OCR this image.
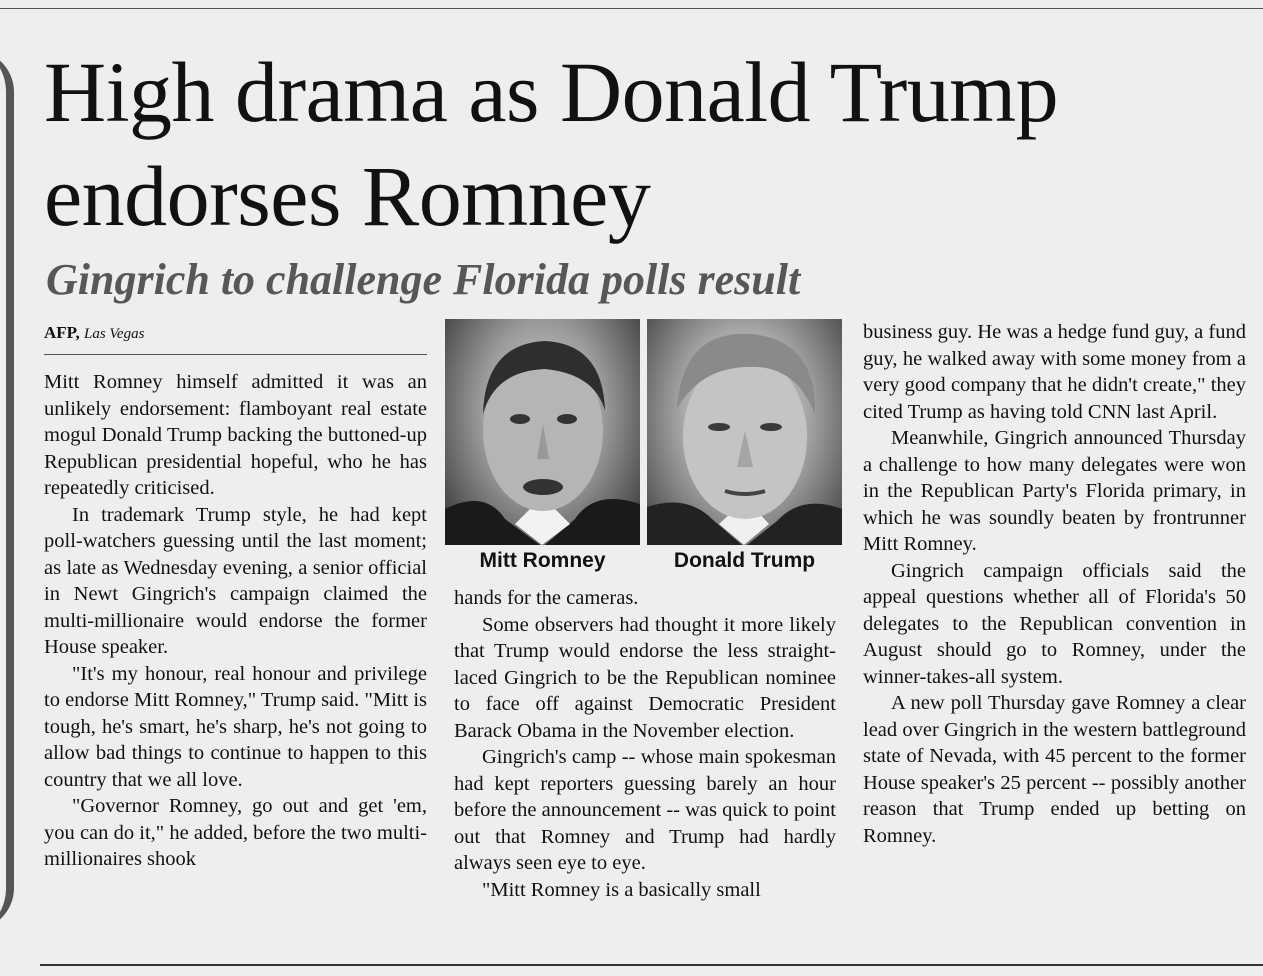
High drama as Donald Trump endorses Romney
Gingrich to challenge Florida polls result
AFP, Las Vegas

Mitt Romney himself admitted it was an unlikely endorsement: flamboyant real estate mogul Donald Trump backing the buttoned-up Republican presidential hopeful, who he has repeatedly criticised.

In trademark Trump style, he had kept poll-watchers guessing until the last moment; as late as Wednesday evening, a senior official in Newt Gingrich's campaign claimed the multi-millionaire would endorse the former House speaker.

"It's my honour, real honour and privilege to endorse Mitt Romney," Trump said. "Mitt is tough, he's smart, he's sharp, he's not going to allow bad things to continue to happen to this country that we all love.

"Governor Romney, go out and get 'em, you can do it," he added, before the two multi-millionaires shook

Mitt Romney	Donald Trump

hands for the cameras.

Some observers had thought it more likely that Trump would endorse the less straight-laced Gingrich to be the Republican nominee to face off against Democratic President Barack Obama in the November election.

Gingrich's camp -- whose main spokesman had kept reporters guessing barely an hour before the announcement -- was quick to point out that Romney and Trump had hardly always seen eye to eye.

"Mitt Romney is a basically small

business guy. He was a hedge fund guy, a fund guy, he walked away with some money from a very good company that he didn't create," they cited Trump as having told CNN last April.

Meanwhile, Gingrich announced Thursday a challenge to how many delegates were won in the Republican Party's Florida primary, in which he was soundly beaten by frontrunner Mitt Romney.

Gingrich campaign officials said the appeal questions whether all of Florida's 50 delegates to the Republican convention in August should go to Romney, under the winner-takes-all system.

A new poll Thursday gave Romney a clear lead over Gingrich in the western battleground state of Nevada, with 45 percent to the former House speaker's 25 percent -- possibly another reason that Trump ended up betting on Romney.
